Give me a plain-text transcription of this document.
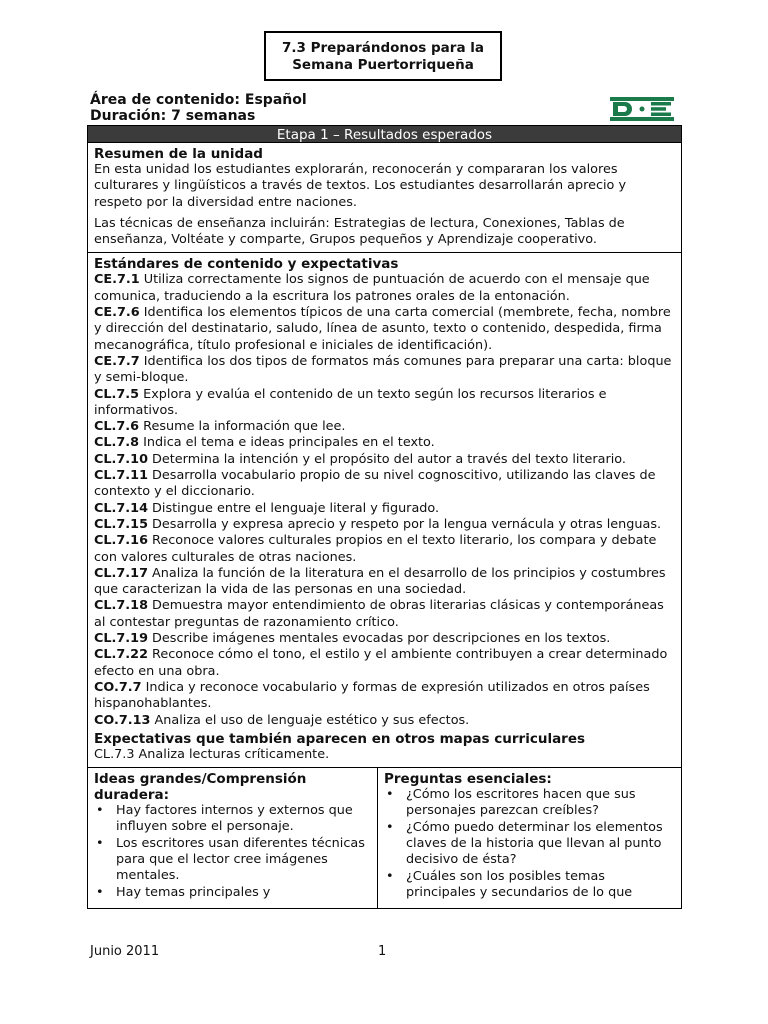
7.3 Preparándonos para la
Semana Puertorriqueña
Área de contenido: Español
Duración: 7 semanas
Etapa 1 – Resultados esperados
Resumen de la unidad

En esta unidad los estudiantes explorarán, reconocerán y compararan los valores culturares y lingüísticos a través de textos. Los estudiantes desarrollarán aprecio y respeto por la diversidad entre naciones.

Las técnicas de enseñanza incluirán: Estrategias de lectura, Conexiones, Tablas de enseñanza, Voltéate y comparte, Grupos pequeños y Aprendizaje cooperativo.

Estándares de contenido y expectativas

CE.7.1 Utiliza correctamente los signos de puntuación de acuerdo con el mensaje que comunica, traduciendo a la escritura los patrones orales de la entonación.

CE.7.6 Identifica los elementos típicos de una carta comercial (membrete, fecha, nombre y dirección del destinatario, saludo, línea de asunto, texto o contenido, despedida, firma mecanográfica, título profesional e iniciales de identificación).

CE.7.7 Identifica los dos tipos de formatos más comunes para preparar una carta: bloque y semi-bloque.

CL.7.5 Explora y evalúa el contenido de un texto según los recursos literarios e informativos.

CL.7.6 Resume la información que lee.

CL.7.8 Indica el tema e ideas principales en el texto.

CL.7.10 Determina la intención y el propósito del autor a través del texto literario.

CL.7.11 Desarrolla vocabulario propio de su nivel cognoscitivo, utilizando las claves de contexto y el diccionario.

CL.7.14 Distingue entre el lenguaje literal y figurado.

CL.7.15 Desarrolla y expresa aprecio y respeto por la lengua vernácula y otras lenguas.

CL.7.16 Reconoce valores culturales propios en el texto literario, los compara y debate con valores culturales de otras naciones.

CL.7.17 Analiza la función de la literatura en el desarrollo de los principios y costumbres que caracterizan la vida de las personas en una sociedad.

CL.7.18 Demuestra mayor entendimiento de obras literarias clásicas y contemporáneas al contestar preguntas de razonamiento crítico.

CL.7.19 Describe imágenes mentales evocadas por descripciones en los textos.

CL.7.22 Reconoce cómo el tono, el estilo y el ambiente contribuyen a crear determinado efecto en una obra.

CO.7.7 Indica y reconoce vocabulario y formas de expresión utilizados en otros países hispanohablantes.

CO.7.13 Analiza el uso de lenguaje estético y sus efectos.

Expectativas que también aparecen en otros mapas curriculares

CL.7.3 Analiza lecturas críticamente.

Ideas grandes/Comprensión
duradera:
• Hay factores internos y externos que influyen sobre el personaje.
• Los escritores usan diferentes técnicas para que el lector cree imágenes mentales.
• Hay temas principales y
Preguntas esenciales:
• ¿Cómo los escritores hacen que sus personajes parezcan creíbles?
• ¿Cómo puedo determinar los elementos claves de la historia que llevan al punto decisivo de ésta?
• ¿Cuáles son los posibles temas principales y secundarios de lo que
Junio 2011	1
